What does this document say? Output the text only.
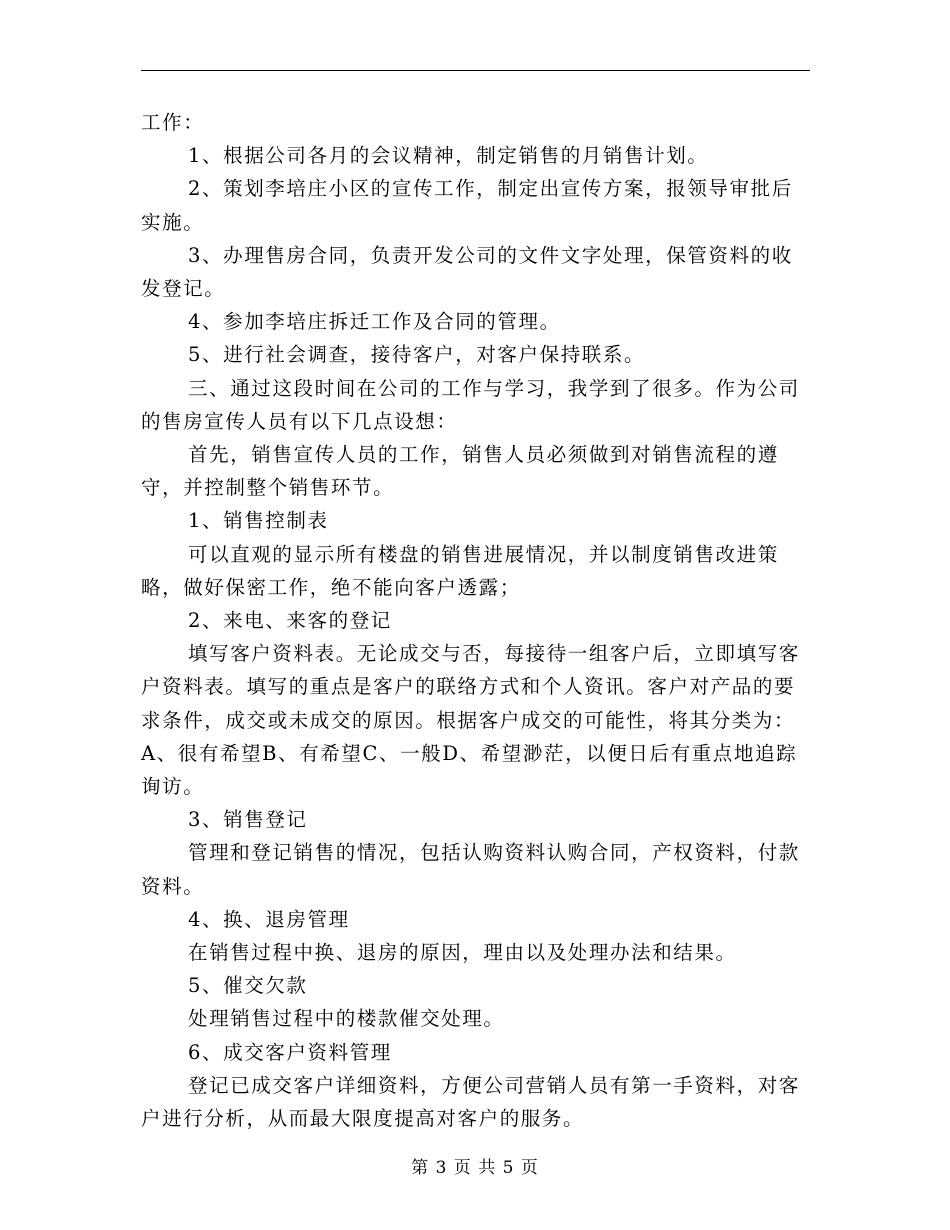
工作：

1、根据公司各月的会议精神，制定销售的月销售计划。

2、策划李培庄小区的宣传工作，制定出宣传方案，报领导审批后实施。

3、办理售房合同，负责开发公司的文件文字处理，保管资料的收发登记。

4、参加李培庄拆迁工作及合同的管理。

5、进行社会调查，接待客户，对客户保持联系。

三、通过这段时间在公司的工作与学习，我学到了很多。作为公司的售房宣传人员有以下几点设想：

首先，销售宣传人员的工作，销售人员必须做到对销售流程的遵守，并控制整个销售环节。

1、销售控制表

可以直观的显示所有楼盘的销售进展情况，并以制度销售改进策略，做好保密工作，绝不能向客户透露；

2、来电、来客的登记

填写客户资料表。无论成交与否，每接待一组客户后，立即填写客户资料表。填写的重点是客户的联络方式和个人资讯。客户对产品的要求条件，成交或未成交的原因。根据客户成交的可能性，将其分类为：A、很有希望B、有希望C、一般D、希望渺茫，以便日后有重点地追踪询访。

3、销售登记

管理和登记销售的情况，包括认购资料认购合同，产权资料，付款资料。

4、换、退房管理

在销售过程中换、退房的原因，理由以及处理办法和结果。

5、催交欠款

处理销售过程中的楼款催交处理。

6、成交客户资料管理

登记已成交客户详细资料，方便公司营销人员有第一手资料，对客户进行分析，从而最大限度提高对客户的服务。

第 3 页 共 5 页
